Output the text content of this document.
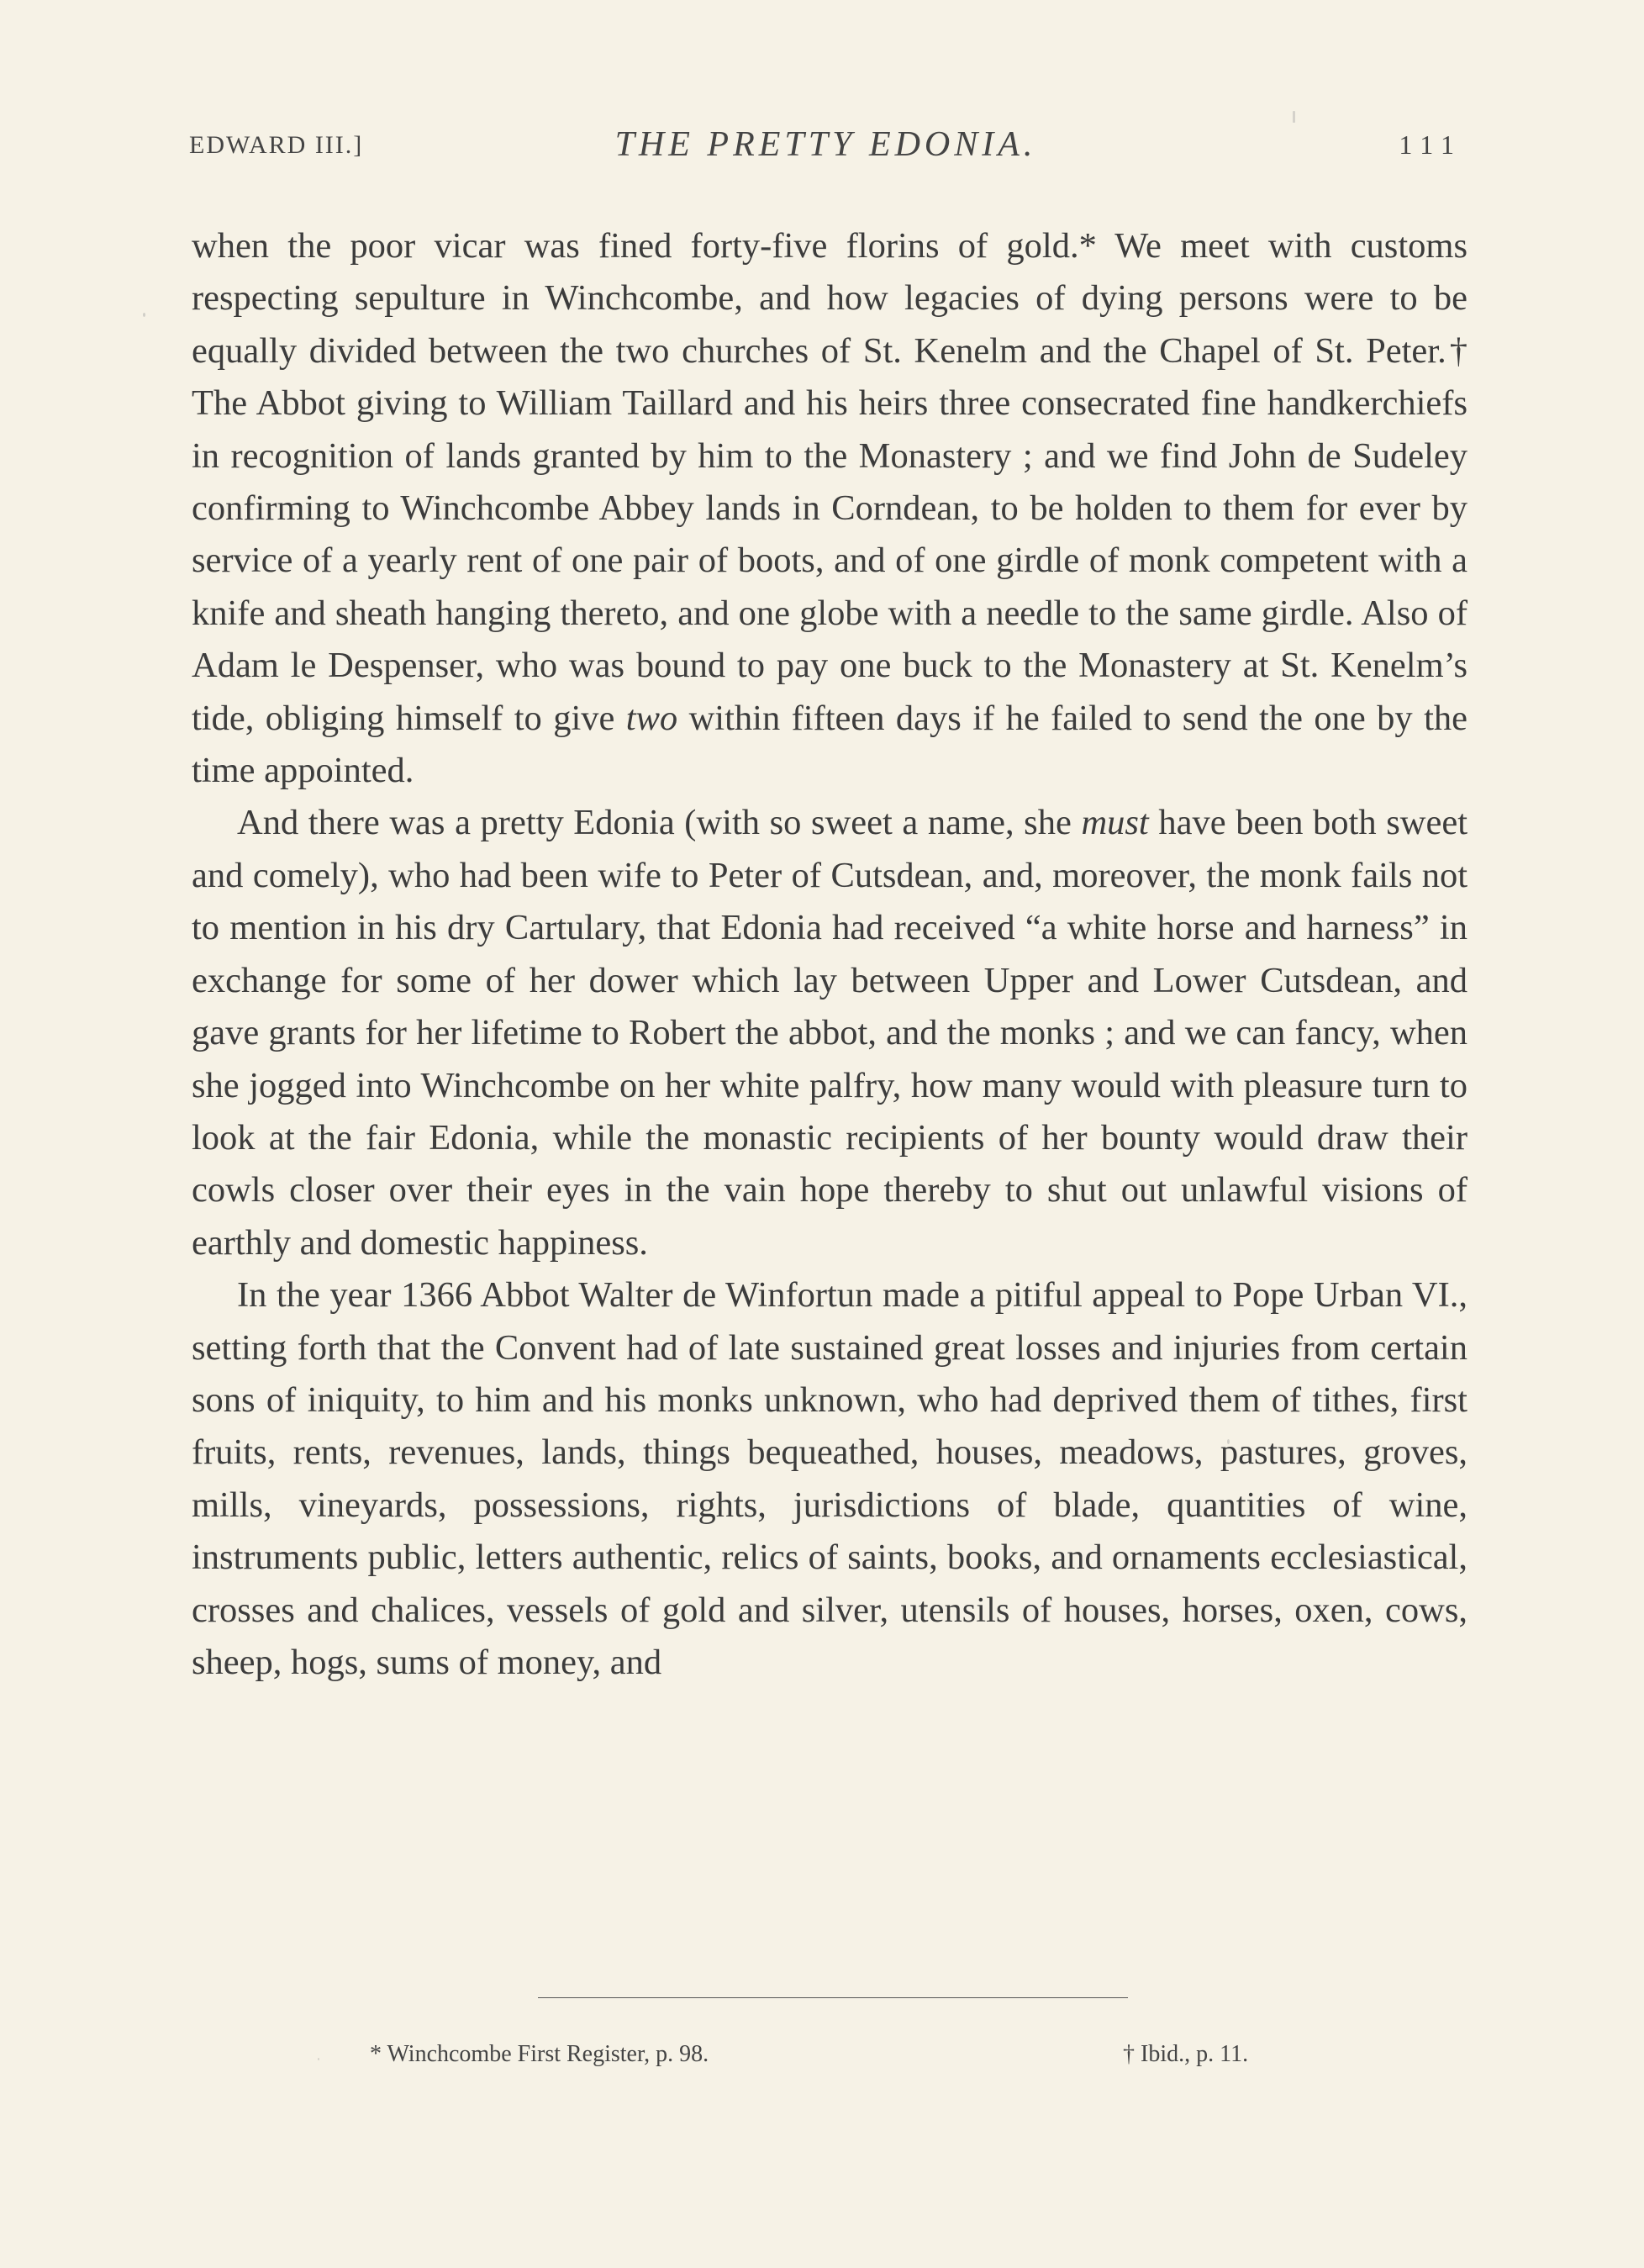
EDWARD III.]	THE PRETTY EDONIA.	111

when the poor vicar was fined forty-five florins of gold.* We meet with customs respecting sepulture in Winchcombe, and how legacies of dying persons were to be equally divided between the two churches of St. Kenelm and the Chapel of St. Peter.† The Abbot giving to William Taillard and his heirs three consecrated fine handkerchiefs in recognition of lands granted by him to the Monastery ; and we find John de Sudeley confirming to Winchcombe Abbey lands in Corndean, to be holden to them for ever by service of a yearly rent of one pair of boots, and of one girdle of monk competent with a knife and sheath hanging thereto, and one globe with a needle to the same girdle. Also of Adam le Despenser, who was bound to pay one buck to the Monastery at St. Kenelm’s tide, obliging himself to give two within fifteen days if he failed to send the one by the time appointed.

And there was a pretty Edonia (with so sweet a name, she must have been both sweet and comely), who had been wife to Peter of Cutsdean, and, moreover, the monk fails not to mention in his dry Cartulary, that Edonia had received “a white horse and harness” in exchange for some of her dower which lay between Upper and Lower Cutsdean, and gave grants for her lifetime to Robert the abbot, and the monks ; and we can fancy, when she jogged into Winchcombe on her white palfry, how many would with pleasure turn to look at the fair Edonia, while the monastic recipients of her bounty would draw their cowls closer over their eyes in the vain hope thereby to shut out unlawful visions of earthly and domestic happiness.

In the year 1366 Abbot Walter de Winfortun made a pitiful appeal to Pope Urban VI., setting forth that the Convent had of late sustained great losses and injuries from certain sons of iniquity, to him and his monks unknown, who had deprived them of tithes, first fruits, rents, revenues, lands, things bequeathed, houses, meadows, pastures, groves, mills, vineyards, possessions, rights, jurisdictions of blade, quantities of wine, instruments public, letters authentic, relics of saints, books, and ornaments ecclesiastical, crosses and chalices, vessels of gold and silver, utensils of houses, horses, oxen, cows, sheep, hogs, sums of money, and

* Winchcombe First Register, p. 98.	† Ibid., p. 11.
